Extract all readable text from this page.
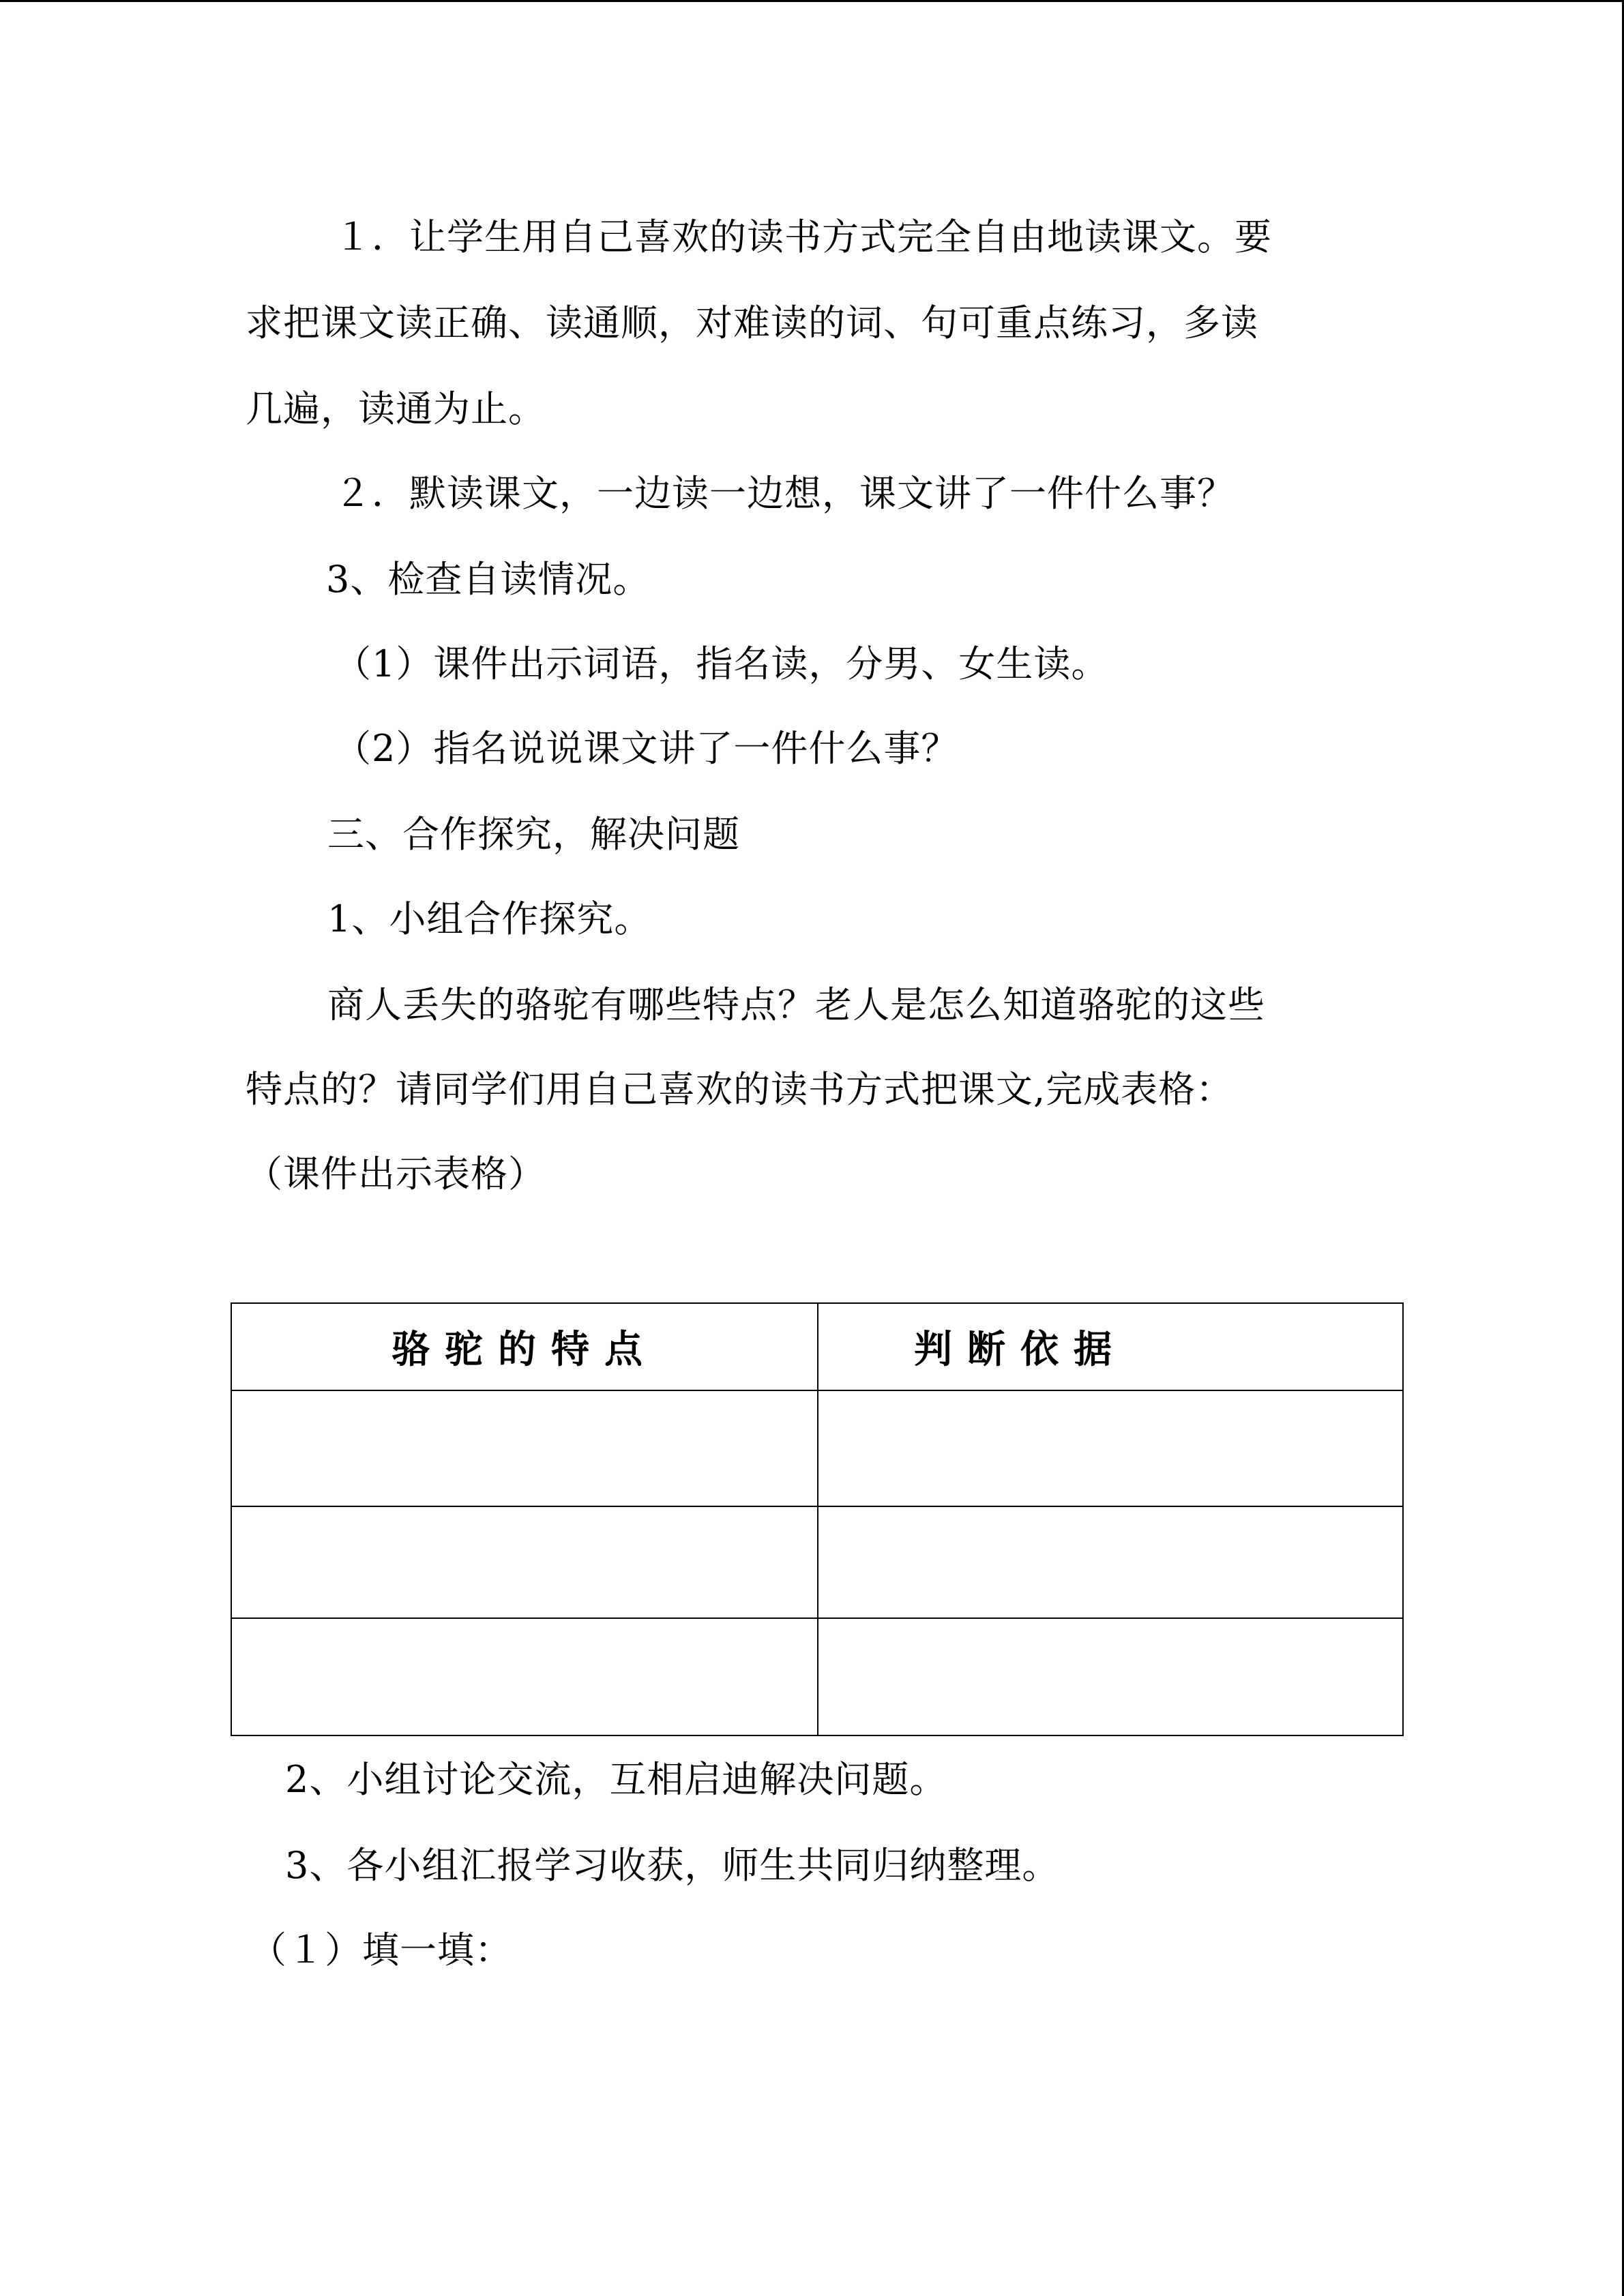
１．让学生用自己喜欢的读书方式完全自由地读课文。要
求把课文读正确、读通顺，对难读的词、句可重点练习，多读
几遍，读通为止。
２．默读课文，一边读一边想，课文讲了一件什么事？
3、检查自读情况。
（1）课件出示词语，指名读，分男、女生读。
（2）指名说说课文讲了一件什么事？
三、合作探究，解决问题
1、小组合作探究。
商人丢失的骆驼有哪些特点？老人是怎么知道骆驼的这些
特点的？请同学们用自己喜欢的读书方式把课文,完成表格：
（课件出示表格）
骆驼的特点	判断依据

2、小组讨论交流，互相启迪解决问题。
3、各小组汇报学习收获，师生共同归纳整理。
（１）填一填：
